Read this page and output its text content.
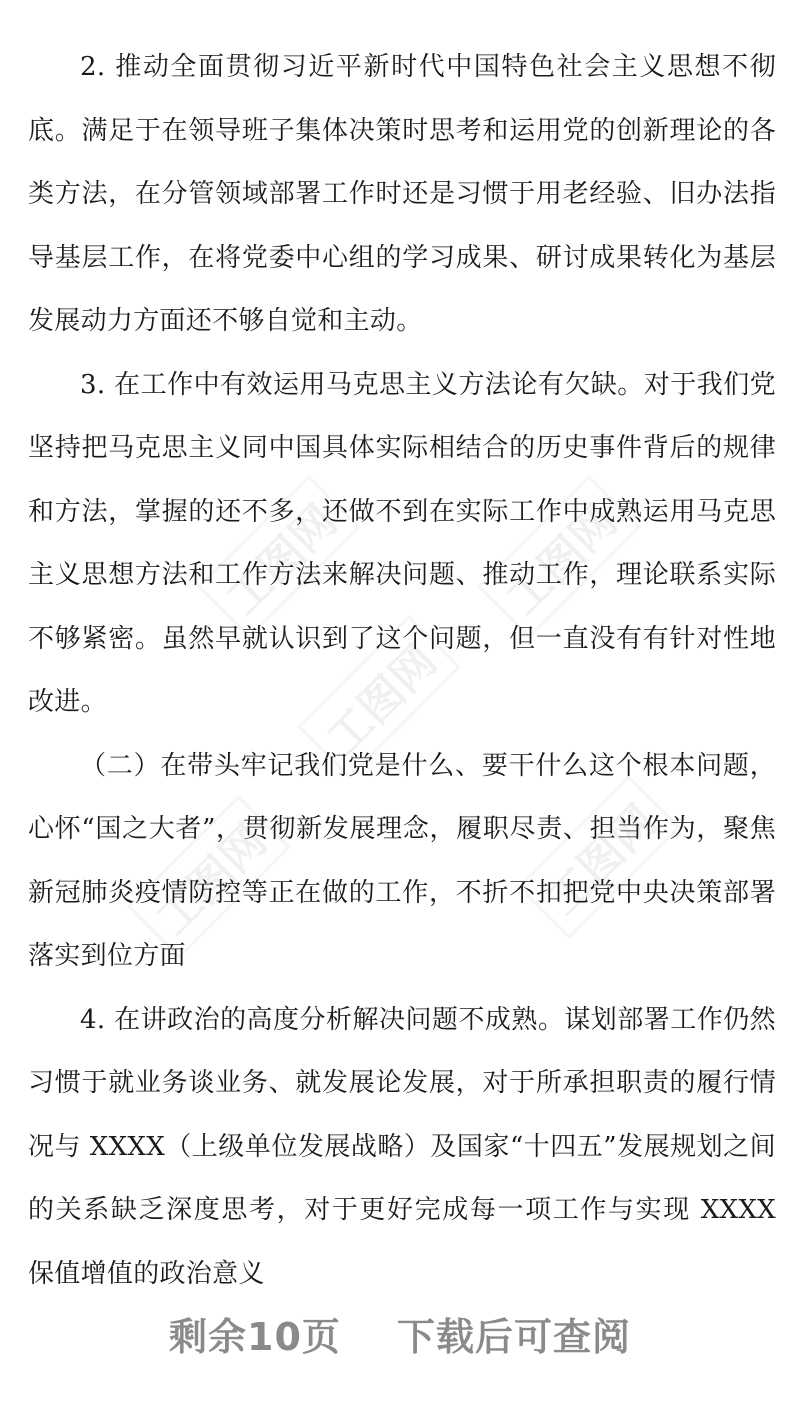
工图网	工图网
工图网
工图网	工图网

2. 推动全面贯彻习近平新时代中国特色社会主义思想不彻底。满足于在领导班子集体决策时思考和运用党的创新理论的各类方法，在分管领域部署工作时还是习惯于用老经验、旧办法指导基层工作，在将党委中心组的学习成果、研讨成果转化为基层发展动力方面还不够自觉和主动。

3. 在工作中有效运用马克思主义方法论有欠缺。对于我们党坚持把马克思主义同中国具体实际相结合的历史事件背后的规律和方法，掌握的还不多，还做不到在实际工作中成熟运用马克思主义思想方法和工作方法来解决问题、推动工作，理论联系实际不够紧密。虽然早就认识到了这个问题，但一直没有有针对性地改进。

（二）在带头牢记我们党是什么、要干什么这个根本问题，心怀“国之大者”，贯彻新发展理念，履职尽责、担当作为，聚焦新冠肺炎疫情防控等正在做的工作，不折不扣把党中央决策部署落实到位方面

4. 在讲政治的高度分析解决问题不成熟。谋划部署工作仍然习惯于就业务谈业务、就发展论发展，对于所承担职责的履行情况与 XXXX（上级单位发展战略）及国家“十四五”发展规划之间的关系缺乏深度思考，对于更好完成每一项工作与实现 XXXX 保值增值的政治意义

剩余10页 下载后可查阅
